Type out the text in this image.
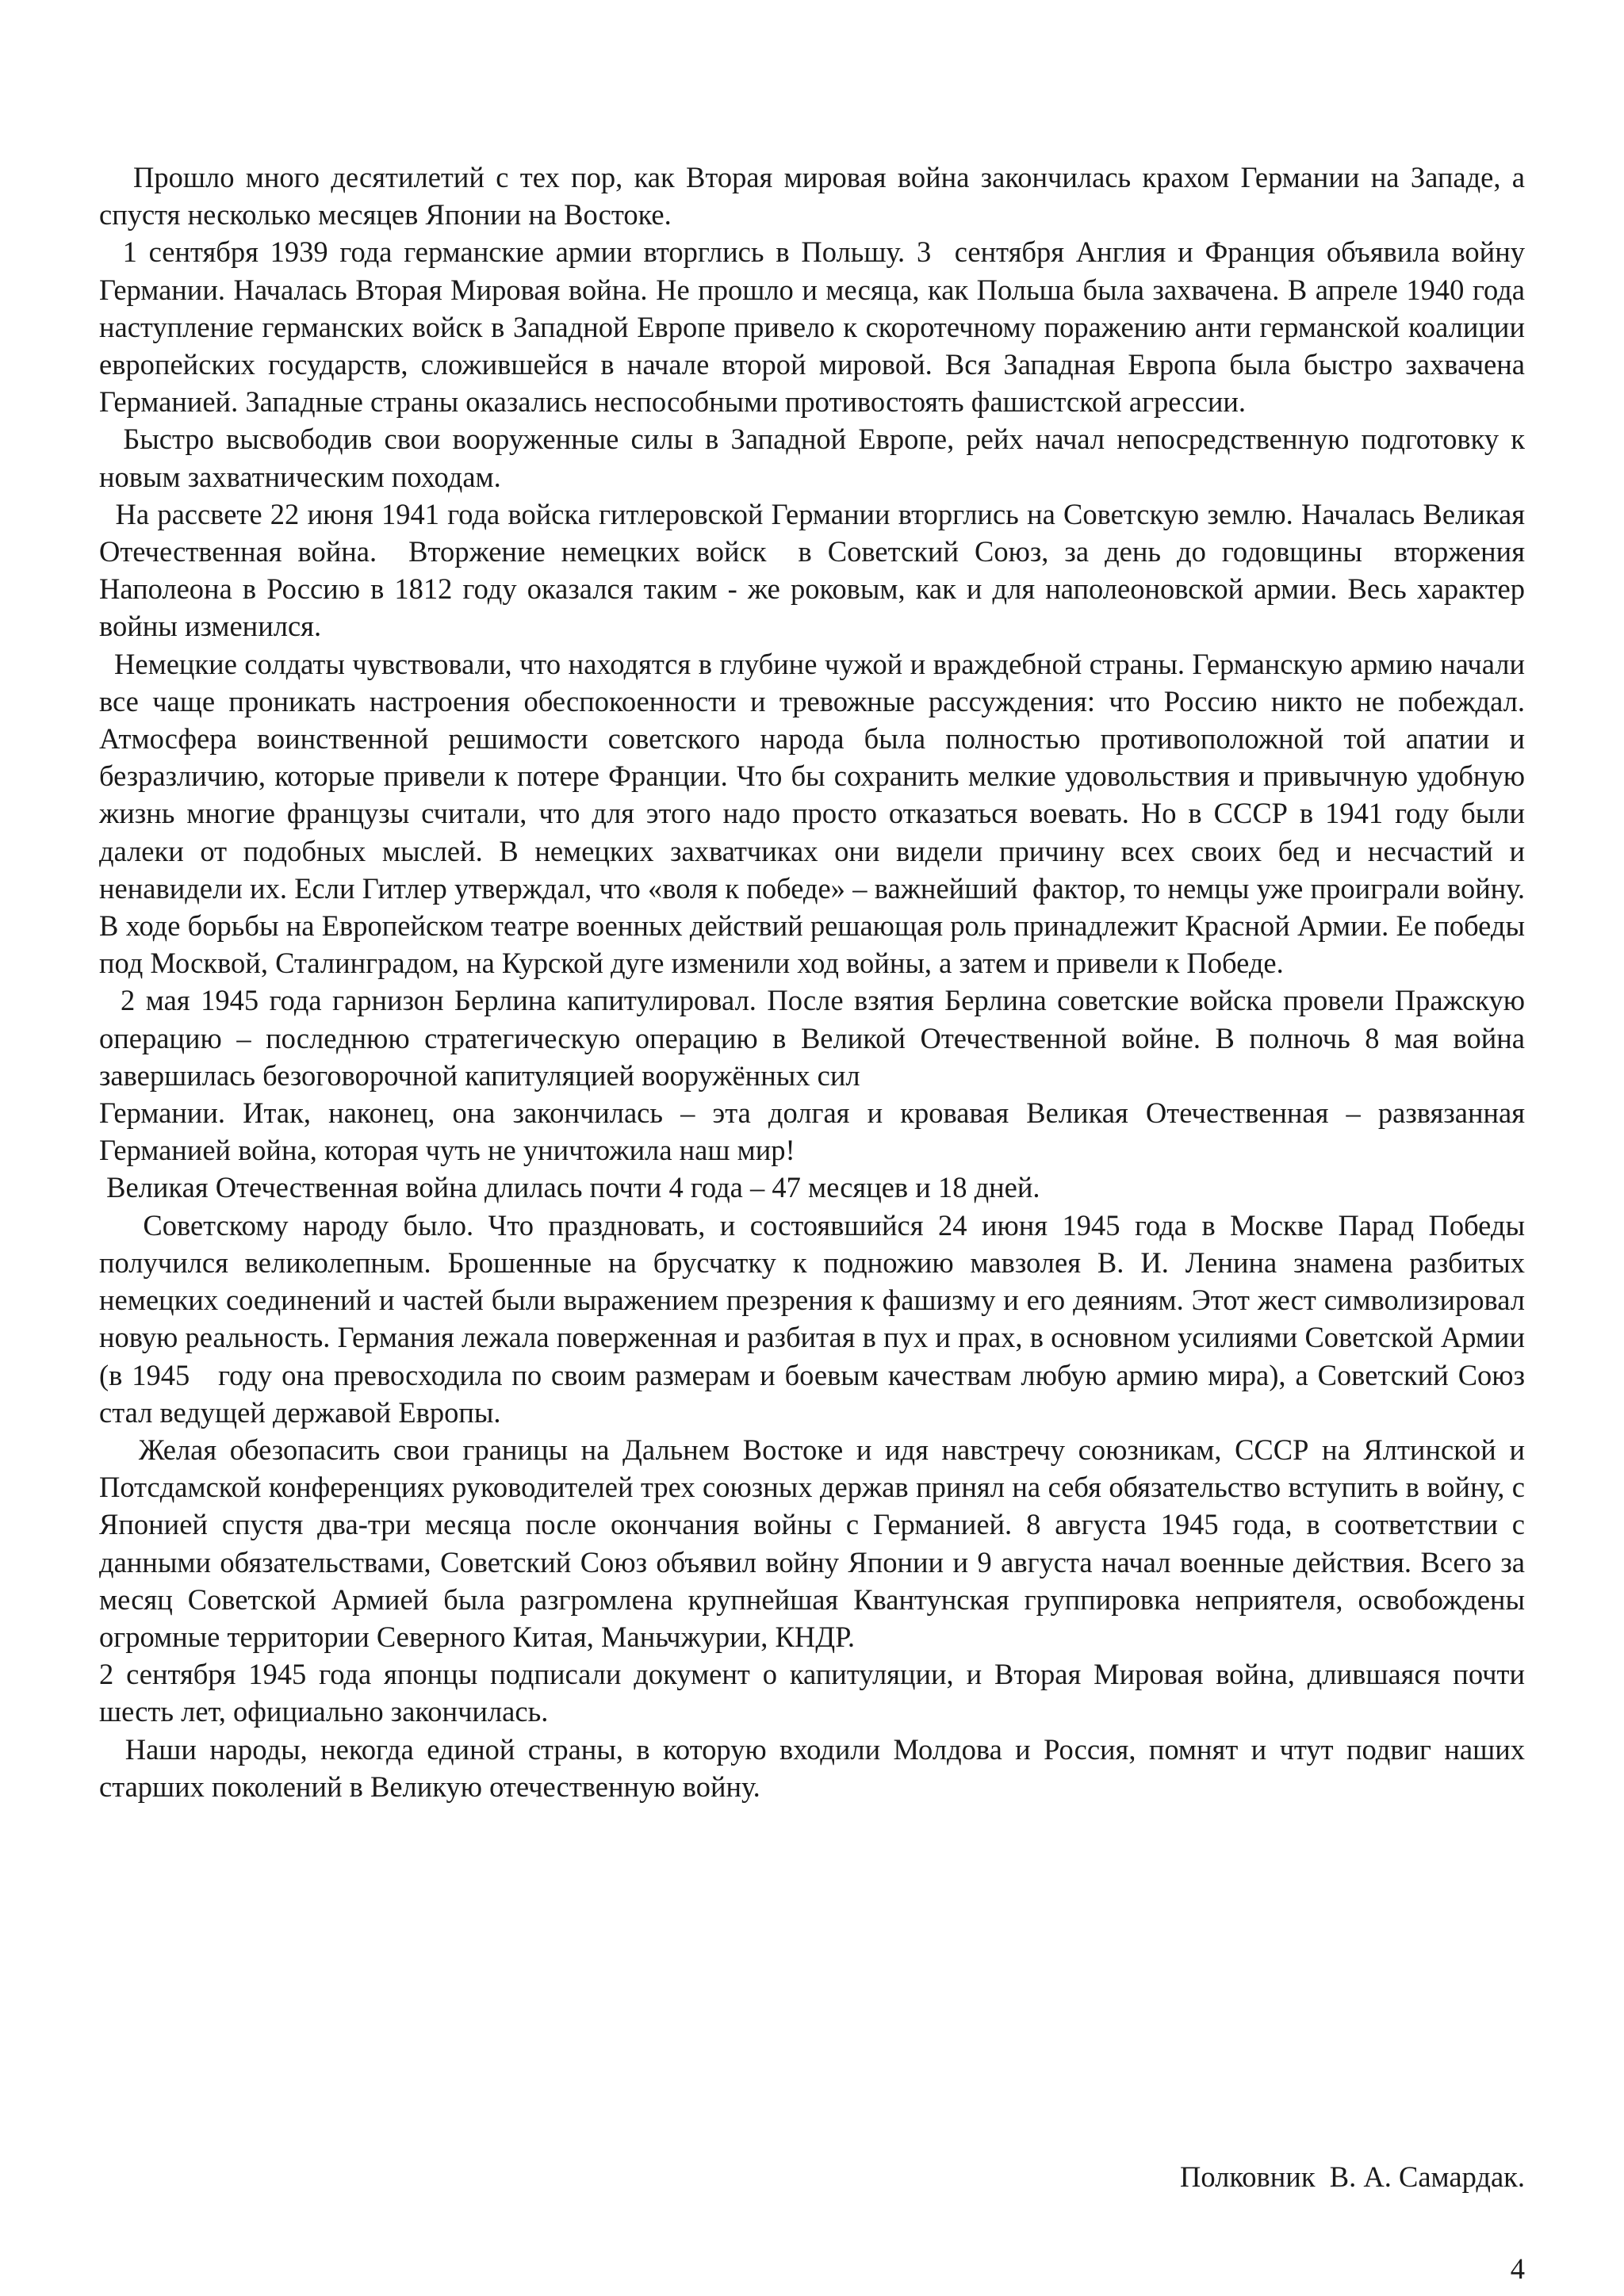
Прошло много десятилетий с тех пор, как Вторая мировая война закончилась крахом Германии на Западе, а спустя несколько месяцев Японии на Востоке.

1 сентября 1939 года германские армии вторглись в Польшу. 3  сентября Англия и Франция объявила войну Германии. Началась Вторая Мировая война. Не прошло и месяца, как Польша была захвачена. В апреле 1940 года наступление германских войск в Западной Европе привело к скоротечному поражению анти германской коалиции европейских государств, сложившейся в начале второй мировой. Вся Западная Европа была быстро захвачена Германией. Западные страны оказались неспособными противостоять фашистской агрессии.

Быстро высвободив свои вооруженные силы в Западной Европе, рейх начал непосредственную подготовку к новым захватническим походам.

На рассвете 22 июня 1941 года войска гитлеровской Германии вторглись на Советскую землю. Началась Великая Отечественная война.  Вторжение немецких войск  в Советский Союз, за день до годовщины  вторжения Наполеона в Россию в 1812 году оказался таким - же роковым, как и для наполеоновской армии. Весь характер войны изменился.

Немецкие солдаты чувствовали, что находятся в глубине чужой и враждебной страны. Германскую армию начали все чаще проникать настроения обеспокоенности и тревожные рассуждения: что Россию никто не побеждал. Атмосфера воинственной решимости советского народа была полностью противоположной той апатии и безразличию, которые привели к потере Франции. Что бы сохранить мелкие удовольствия и привычную удобную жизнь многие французы считали, что для этого надо просто отказаться воевать. Но в СССР в 1941 году были далеки от подобных мыслей. В немецких захватчиках они видели причину всех своих бед и несчастий и ненавидели их. Если Гитлер утверждал, что «воля к победе» – важнейший  фактор, то немцы уже проиграли войну. В ходе борьбы на Европейском театре военных действий решающая роль принадлежит Красной Армии. Ее победы под Москвой, Сталинградом, на Курской дуге изменили ход войны, а затем и привели к Победе.

2 мая 1945 года гарнизон Берлина капитулировал. После взятия Берлина советские войска провели Пражскую операцию – последнюю стратегическую операцию в Великой Отечественной войне. В полночь 8 мая война завершилась безоговорочной капитуляцией вооружённых сил

Германии. Итак, наконец, она закончилась – эта долгая и кровавая Великая Отечественная – развязанная Германией война, которая чуть не уничтожила наш мир!

Великая Отечественная война длилась почти 4 года – 47 месяцев и 18 дней.

Советскому народу было. Что праздновать, и состоявшийся 24 июня 1945 года в Москве Парад Победы получился великолепным. Брошенные на брусчатку к подножию мавзолея В. И. Ленина знамена разбитых немецких соединений и частей были выражением презрения к фашизму и его деяниям. Этот жест символизировал новую реальность. Германия лежала поверженная и разбитая в пух и прах, в основном усилиями Советской Армии (в 1945   году она превосходила по своим размерам и боевым качествам любую армию мира), а Советский Союз стал ведущей державой Европы.

Желая обезопасить свои границы на Дальнем Востоке и идя навстречу союзникам, СССР на Ялтинской и Потсдамской конференциях руководителей трех союзных держав принял на себя обязательство вступить в войну, с Японией спустя два-три месяца после окончания войны с Германией. 8 августа 1945 года, в соответствии с данными обязательствами, Советский Союз объявил войну Японии и 9 августа начал военные действия. Всего за месяц Советской Армией была разгромлена крупнейшая Квантунская группировка неприятеля, освобождены огромные территории Северного Китая, Маньчжурии, КНДР.

2 сентября 1945 года японцы подписали документ о капитуляции, и Вторая Мировая война, длившаяся почти шесть лет, официально закончилась.

Наши народы, некогда единой страны, в которую входили Молдова и Россия, помнят и чтут подвиг наших старших поколений в Великую отечественную войну.

Полковник  В. А. Самардак.
4
